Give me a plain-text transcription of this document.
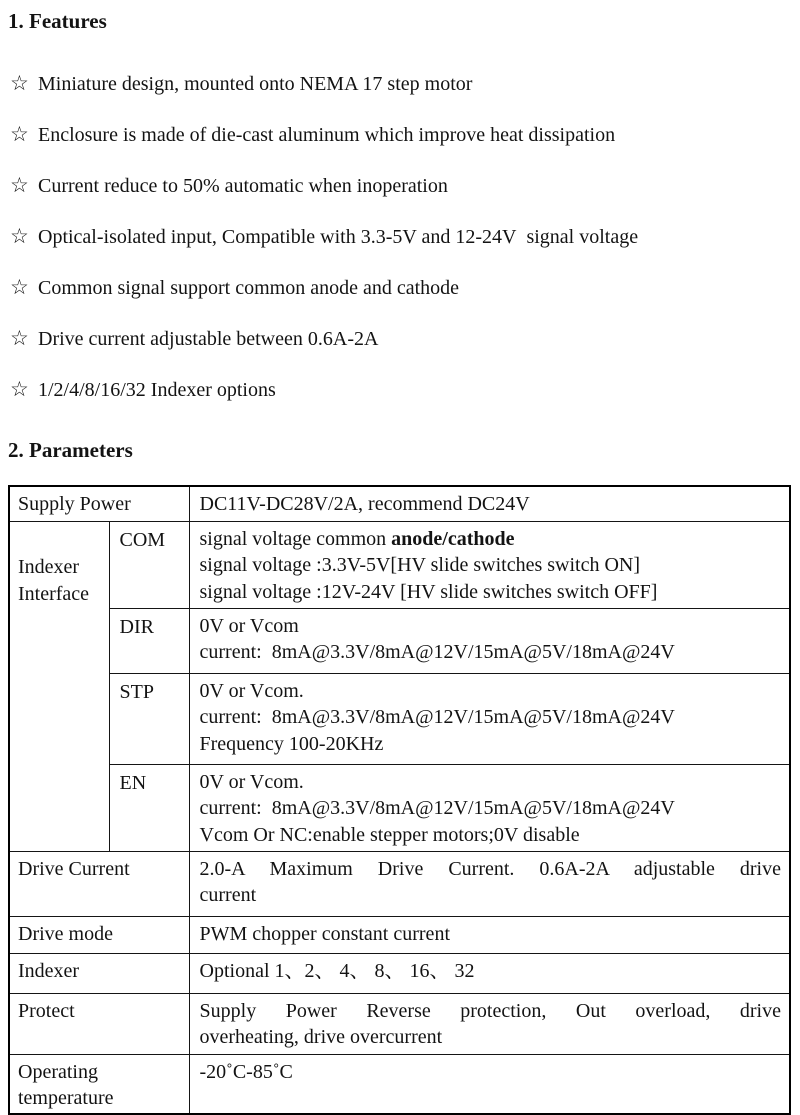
1. Features
☆ Miniature design, mounted onto NEMA 17 step motor
☆ Enclosure is made of die-cast aluminum which improve heat dissipation
☆ Current reduce to 50% automatic when inoperation
☆ Optical-isolated input, Compatible with 3.3-5V and 12-24V  signal voltage
☆ Common signal support common anode and cathode
☆ Drive current adjustable between 0.6A-2A
☆ 1/2/4/8/16/32 Indexer options
2. Parameters
Supply Power		DC11V-DC28V/2A, recommend DC24V

Indexer Interface	COM	signal voltage common anode/cathode
signal voltage :3.3V-5V[HV slide switches switch ON]
signal voltage :12V-24V [HV slide switches switch OFF]

	DIR	0V or Vcom
current:  8mA@3.3V/8mA@12V/15mA@5V/18mA@24V

	STP	0V or Vcom.
current:  8mA@3.3V/8mA@12V/15mA@5V/18mA@24V
Frequency 100-20KHz

	EN	0V or Vcom.
current:  8mA@3.3V/8mA@12V/15mA@5V/18mA@24V
Vcom Or NC:enable stepper motors;0V disable

Drive Current		2.0-A Maximum Drive Current. 0.6A-2A adjustable drive
current

Drive mode		PWM chopper constant current

Indexer		Optional 1、2、 4、 8、 16、 32

Protect		Supply Power Reverse protection, Out overload, drive
overheating, drive overcurrent

Operating temperature		-20˚C-85˚C
